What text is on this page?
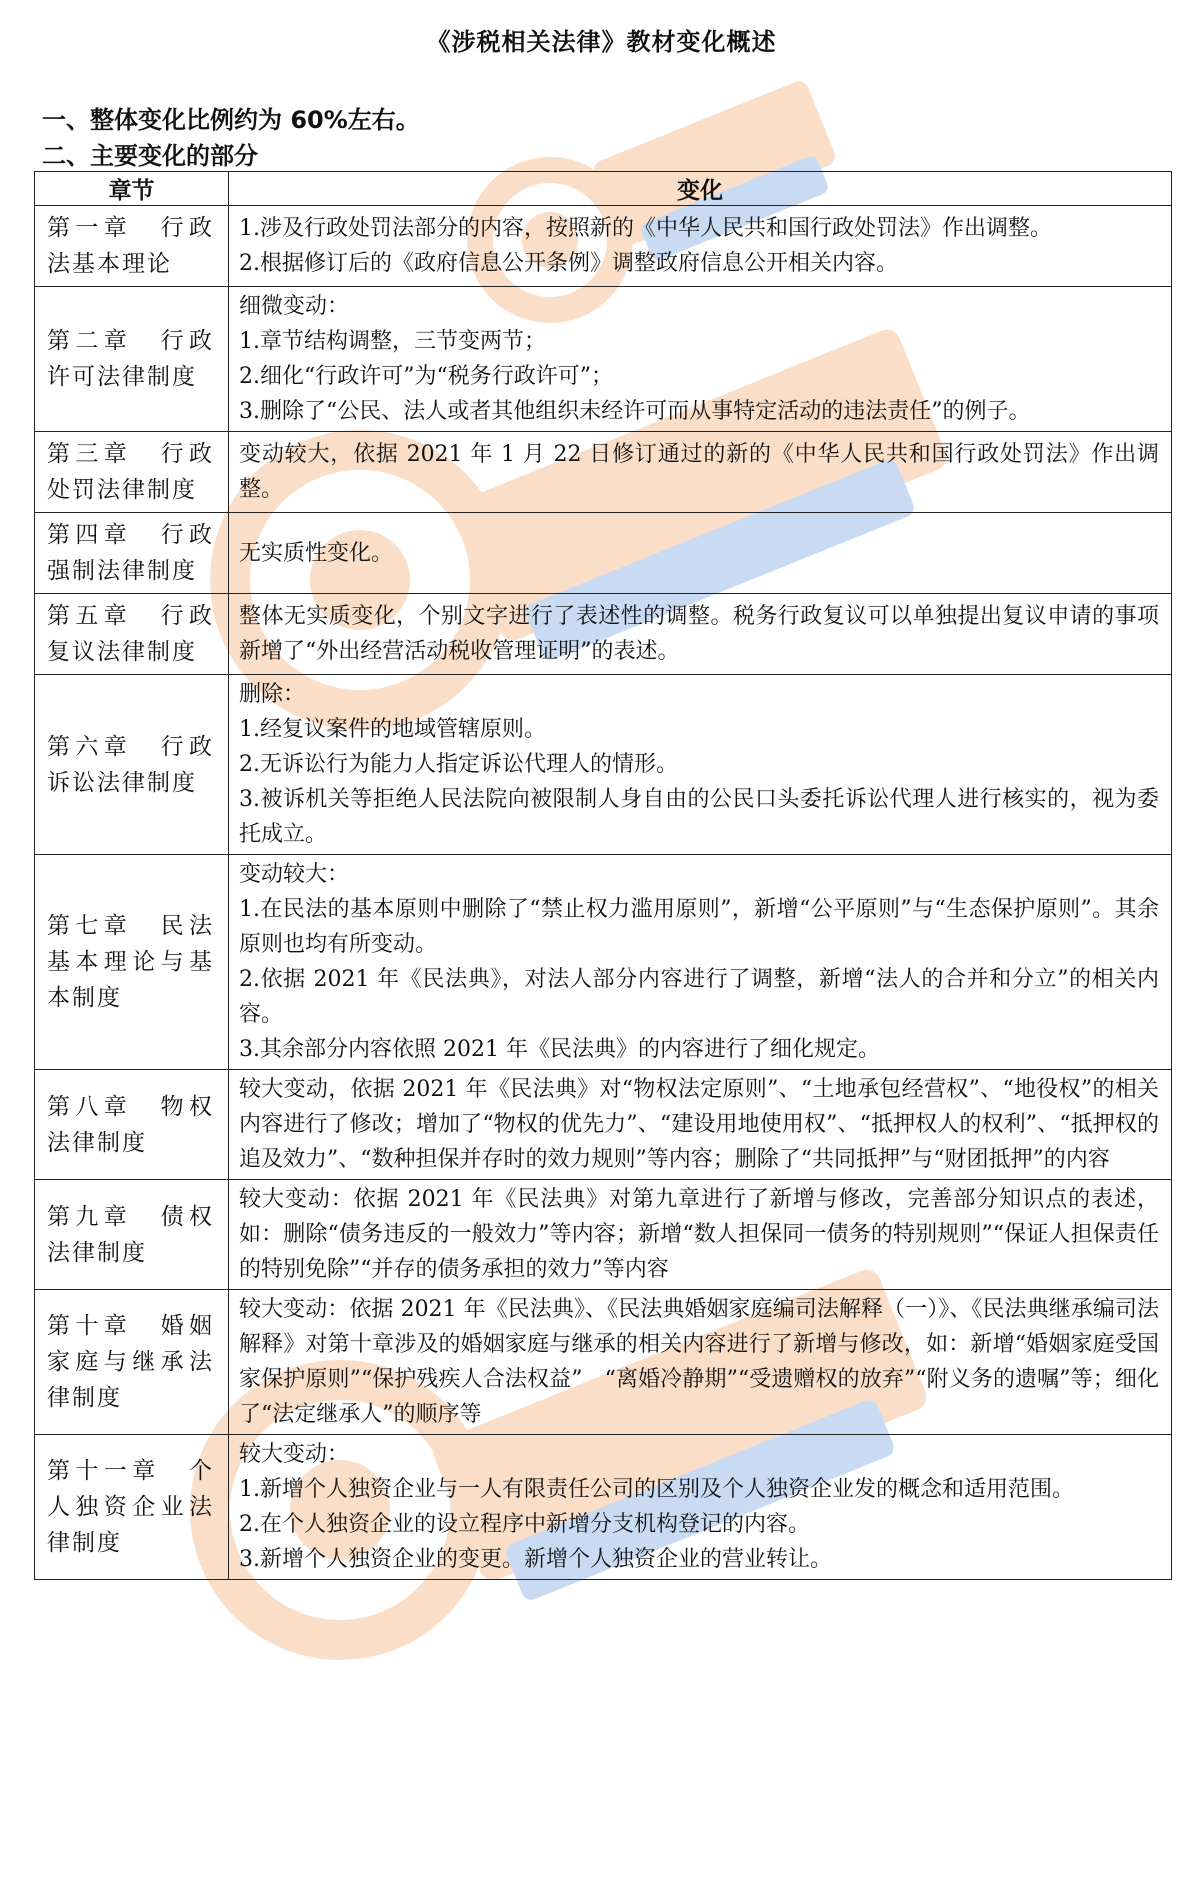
《涉税相关法律》教材变化概述
一、整体变化比例约为 60%左右。
二、主要变化的部分
章节	变化
第一章　行政法基本理论	1.涉及行政处罚法部分的内容，按照新的《中华人民共和国行政处罚法》作出调整。
2.根据修订后的《政府信息公开条例》调整政府信息公开相关内容。

第二章　行政许可法律制度	细微变动：
1.章节结构调整，三节变两节；
2.细化“行政许可”为“税务行政许可”；
3.删除了“公民、法人或者其他组织未经许可而从事特定活动的违法责任”的例子。

第三章　行政处罚法律制度	变动较大，依据 2021 年 1 月 22 日修订通过的新的《中华人民共和国行政处罚法》作出调整。

第四章　行政强制法律制度	无实质性变化。

第五章　行政复议法律制度	整体无实质变化，个别文字进行了表述性的调整。税务行政复议可以单独提出复议申请的事项新增了“外出经营活动税收管理证明”的表述。

第六章　行政诉讼法律制度	删除：
1.经复议案件的地域管辖原则。
2.无诉讼行为能力人指定诉讼代理人的情形。
3.被诉机关等拒绝人民法院向被限制人身自由的公民口头委托诉讼代理人进行核实的，视为委托成立。

第七章　民法基本理论与基本制度	变动较大：
1.在民法的基本原则中删除了“禁止权力滥用原则”，新增“公平原则”与“生态保护原则”。其余原则也均有所变动。
2.依据 2021 年《民法典》，对法人部分内容进行了调整，新增“法人的合并和分立”的相关内容。
3.其余部分内容依照 2021 年《民法典》的内容进行了细化规定。

第八章　物权法律制度	较大变动，依据 2021 年《民法典》对“物权法定原则”、“土地承包经营权”、“地役权”的相关内容进行了修改；增加了“物权的优先力”、“建设用地使用权”、“抵押权人的权利”、“抵押权的追及效力”、“数种担保并存时的效力规则”等内容；删除了“共同抵押”与“财团抵押”的内容

第九章　债权法律制度	较大变动：依据 2021 年《民法典》对第九章进行了新增与修改，完善部分知识点的表述，如：删除“债务违反的一般效力”等内容；新增“数人担保同一债务的特别规则”“保证人担保责任的特别免除”“并存的债务承担的效力”等内容

第十章　婚姻家庭与继承法律制度	较大变动：依据 2021 年《民法典》、《民法典婚姻家庭编司法解释（一）》、《民法典继承编司法解释》对第十章涉及的婚姻家庭与继承的相关内容进行了新增与修改，如：新增“婚姻家庭受国家保护原则”“保护残疾人合法权益”　“离婚冷静期”“受遗赠权的放弃”“附义务的遗嘱”等；细化了“法定继承人”的顺序等

第十一章　个人独资企业法律制度	较大变动：
1.新增个人独资企业与一人有限责任公司的区别及个人独资企业发的概念和适用范围。
2.在个人独资企业的设立程序中新增分支机构登记的内容。
3.新增个人独资企业的变更。新增个人独资企业的营业转让。
